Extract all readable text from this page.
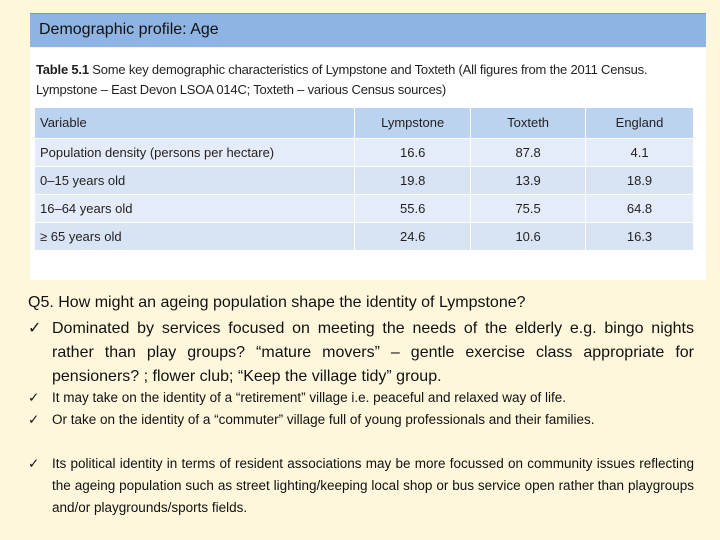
Demographic profile: Age
Table 5.1 Some key demographic characteristics of Lympstone and Toxteth (All figures from the 2011 Census. Lympstone – East Devon LSOA 014C; Toxteth – various Census sources)
Variable	Lympstone	Toxteth	England
Population density (persons per hectare)	16.6	87.8	4.1
0–15 years old	19.8	13.9	18.9
16–64 years old	55.6	75.5	64.8
≥ 65 years old	24.6	10.6	16.3
Q5. How might an ageing population shape the identity of Lympstone?
✓ Dominated by services focused on meeting the needs of the elderly e.g. bingo nights rather than play groups? “mature movers” – gentle exercise class appropriate for pensioners? ; flower club; “Keep the village tidy” group.
✓ It may take on the identity of a “retirement” village i.e. peaceful and relaxed way of life.
✓ Or take on the identity of a “commuter” village full of young professionals and their families.
✓ Its political identity in terms of resident associations may be more focussed on community issues reflecting the ageing population such as street lighting/keeping local shop or bus service open rather than playgroups and/or playgrounds/sports fields.
